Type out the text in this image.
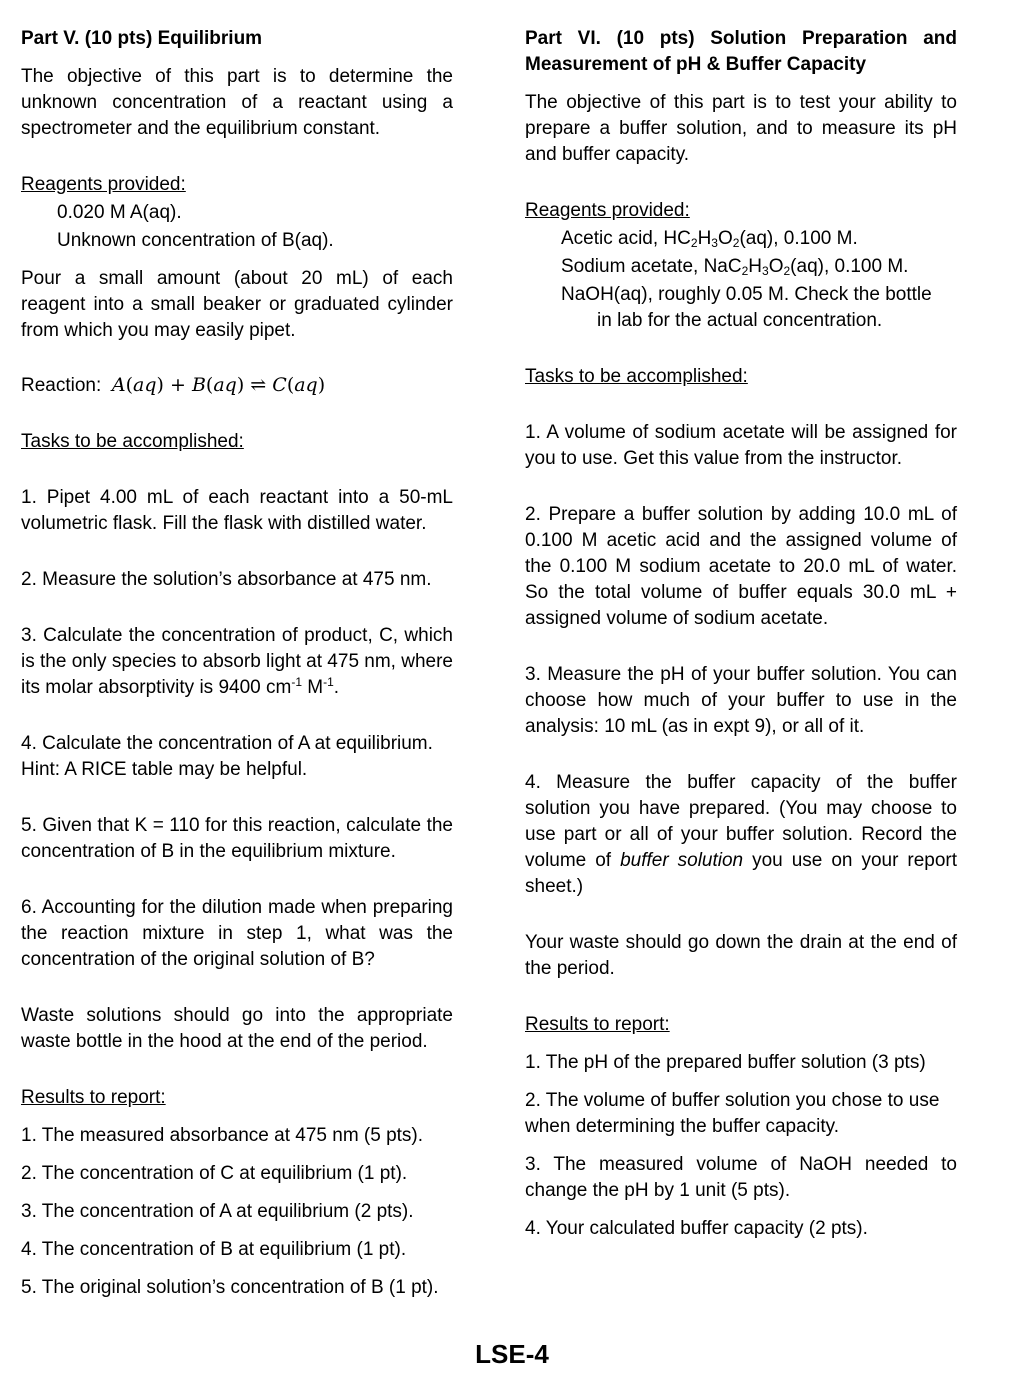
Part V. (10 pts) Equilibrium

The objective of this part is to determine the unknown concentration of a reactant using a spectrometer and the equilibrium constant.

Reagents provided:

0.020 M A(aq).

Unknown concentration of B(aq).

Pour a small amount (about 20 mL) of each reagent into a small beaker or graduated cylinder from which you may easily pipet.

Reaction: A(aq) + B(aq) ⇌ C(aq)

Tasks to be accomplished:

1. Pipet 4.00 mL of each reactant into a 50-mL volumetric flask. Fill the flask with distilled water.

2. Measure the solution’s absorbance at 475 nm.

3. Calculate the concentration of product, C, which is the only species to absorb light at 475 nm, where its molar absorptivity is 9400 $cm^{-1}$ $M^{-1}$.

4. Calculate the concentration of A at equilibrium. Hint: A RICE table may be helpful.

5. Given that K = 110 for this reaction, calculate the concentration of B in the equilibrium mixture.

6. Accounting for the dilution made when preparing the reaction mixture in step 1, what was the concentration of the original solution of B?

Waste solutions should go into the appropriate waste bottle in the hood at the end of the period.

Results to report:

1. The measured absorbance at 475 nm (5 pts).

2. The concentration of C at equilibrium (1 pt).

3. The concentration of A at equilibrium (2 pts).

4. The concentration of B at equilibrium (1 pt).

5. The original solution’s concentration of B (1 pt).

Part VI. (10 pts) Solution Preparation and Measurement of pH & Buffer Capacity

The objective of this part is to test your ability to prepare a buffer solution, and to measure its pH and buffer capacity.

Reagents provided:

Acetic acid, $HC_2H_3O_2(aq)$, 0.100 M.

Sodium acetate, $NaC_2H_3O_2(aq)$, 0.100 M.

NaOH(aq), roughly 0.05 M. Check the bottle

in lab for the actual concentration.

Tasks to be accomplished:

1. A volume of sodium acetate will be assigned for you to use. Get this value from the instructor.

2. Prepare a buffer solution by adding 10.0 mL of 0.100 M acetic acid and the assigned volume of the 0.100 M sodium acetate to 20.0 mL of water. So the total volume of buffer equals 30.0 mL + assigned volume of sodium acetate.

3. Measure the pH of your buffer solution. You can choose how much of your buffer to use in the analysis: 10 mL (as in expt 9), or all of it.

4. Measure the buffer capacity of the buffer solution you have prepared. (You may choose to use part or all of your buffer solution. Record the volume of buffer solution you use on your report sheet.)

Your waste should go down the drain at the end of the period.

Results to report:

1. The pH of the prepared buffer solution (3 pts)

2. The volume of buffer solution you chose to use when determining the buffer capacity.

3. The measured volume of NaOH needed to change the pH by 1 unit (5 pts).

4. Your calculated buffer capacity (2 pts).

LSE-4
